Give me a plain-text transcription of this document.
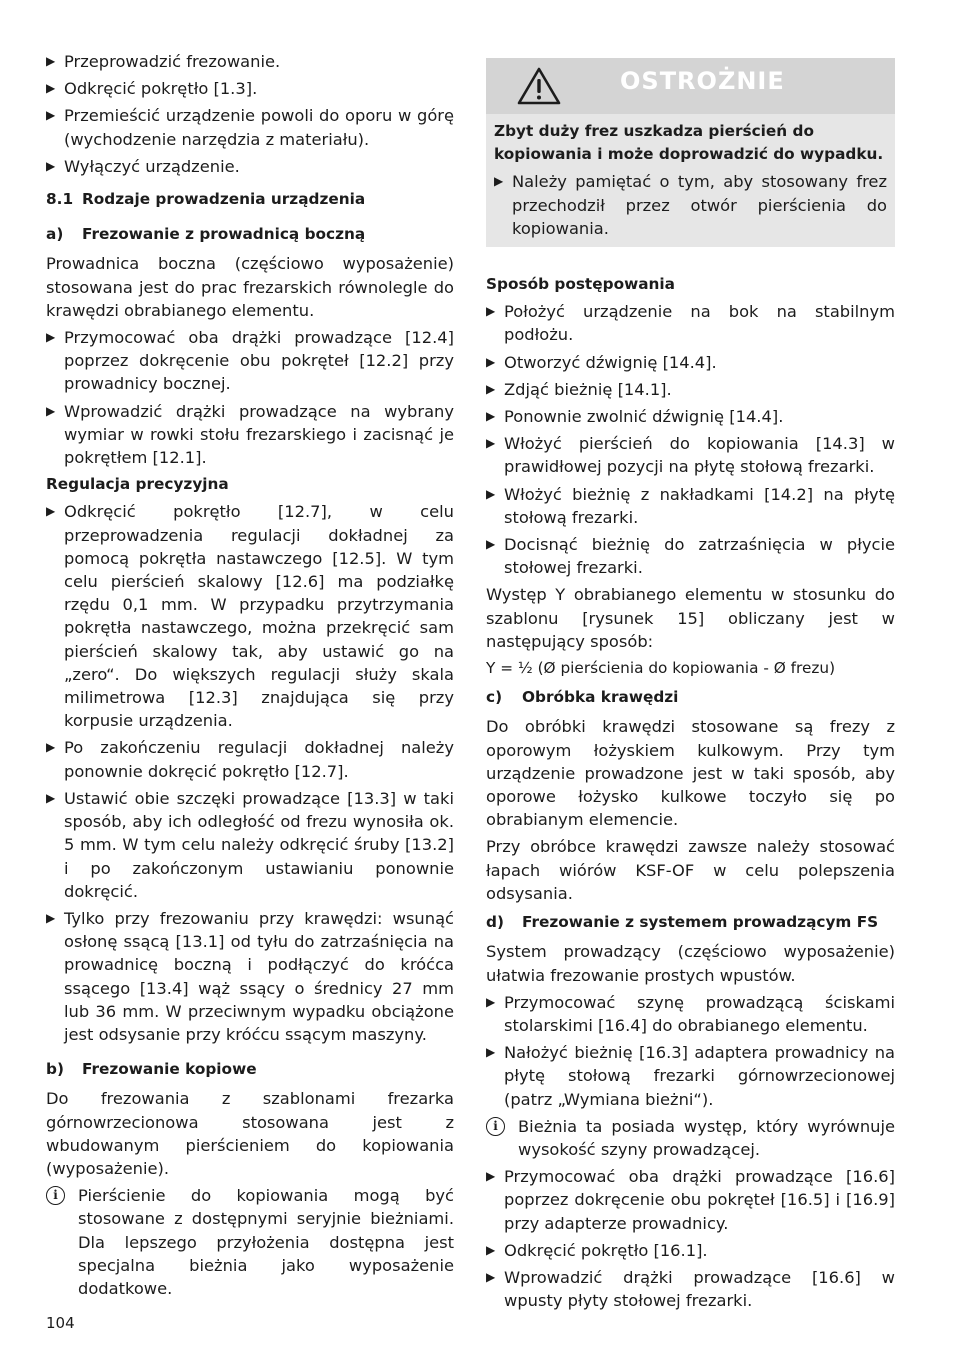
▶ Przeprowadzić frezowanie.
▶ Odkręcić pokrętło [1.3].
▶ Przemieścić urządzenie powoli do oporu w górę (wychodzenie narzędzia z materiału).
▶ Wyłączyć urządzenie.
8.1 Rodzaje prowadzenia urządzenia
a) Frezowanie z prowadnicą boczną

Prowadnica boczna (częściowo wyposażenie) stosowana jest do prac frezarskich równolegle do krawędzi obrabianego elementu.

▶ Przymocować oba drążki prowadzące [12.4] poprzez dokręcenie obu pokręteł [12.2] przy prowadnicy bocznej.
▶ Wprowadzić drążki prowadzące na wybrany wymiar w rowki stołu frezarskiego i zacisnąć je pokrętłem [12.1].
Regulacja precyzyjna
▶ Odkręcić pokrętło [12.7], w celu przeprowadzenia regulacji dokładnej za pomocą pokrętła nastawczego [12.5]. W tym celu pierścień skalowy [12.6] ma podziałkę rzędu 0,1 mm. W przypadku przytrzymania pokrętła nastawczego, można przekręcić sam pierścień skalowy tak, aby ustawić go na „zero“. Do większych regulacji służy skala milimetrowa [12.3] znajdująca się przy korpusie urządzenia.
▶ Po zakończeniu regulacji dokładnej należy ponownie dokręcić pokrętło [12.7].
▶ Ustawić obie szczęki prowadzące [13.3] w taki sposób, aby ich odległość od frezu wynosiła ok. 5 mm. W tym celu należy odkręcić śruby [13.2] i po zakończonym ustawianiu ponownie dokręcić.
▶ Tylko przy frezowaniu przy krawędzi: wsunąć osłonę ssącą [13.1] od tyłu do zatrzaśnięcia na prowadnicę boczną i podłączyć do króćca ssącego [13.4] wąż ssący o średnicy 27 mm lub 36 mm. W przeciwnym wypadku obciążone jest odsysanie przy króćcu ssącym maszyny.
b) Frezowanie kopiowe

Do frezowania z szablonami frezarka górnowrzecionowa stosowana jest z wbudowanym pierścieniem do kopiowania (wyposażenie).

i	Pierścienie do kopiowania mogą być stosowane z dostępnymi seryjnie bieżniami. Dla lepszego przyłożenia dostępna jest specjalna bieżnia jako wyposażenie dodatkowe.
OSTROŻNIE
Zbyt duży frez uszkadza pierścień do kopiowania i może doprowadzić do wypadku.
▶ Należy pamiętać o tym, aby stosowany frez przechodził przez otwór pierścienia do kopiowania.
Sposób postępowania
▶ Położyć urządzenie na bok na stabilnym podłożu.
▶ Otworzyć dźwignię [14.4].
▶ Zdjąć bieżnię [14.1].
▶ Ponownie zwolnić dźwignię [14.4].
▶ Włożyć pierścień do kopiowania [14.3] w prawidłowej pozycji na płytę stołową frezarki.
▶ Włożyć bieżnię z nakładkami [14.2] na płytę stołową frezarki.
▶ Docisnąć bieżnię do zatrzaśnięcia w płycie stołowej frezarki.

Występ Y obrabianego elementu w stosunku do szablonu [rysunek 15] obliczany jest w następujący sposób:

Y = ½ (Ø pierścienia do kopiowania - Ø frezu)
c) Obróbka krawędzi

Do obróbki krawędzi stosowane są frezy z oporowym łożyskiem kulkowym. Przy tym urządzenie prowadzone jest w taki sposób, aby oporowe łożysko kulkowe toczyło się po obrabianym elemencie.

Przy obróbce krawędzi zawsze należy stosować łapach wiórów KSF-OF w celu polepszenia odsysania.

d) Frezowanie z systemem prowadzącym FS

System prowadzący (częściowo wyposażenie) ułatwia frezowanie prostych wpustów.

▶ Przymocować szynę prowadzącą ściskami stolarskimi [16.4] do obrabianego elementu.
▶ Nałożyć bieżnię [16.3] adaptera prowadnicy na płytę stołową frezarki górnowrzecionowej (patrz „Wymiana bieżni“).
i	Bieżnia ta posiada występ, który wyrównuje wysokość szyny prowadzącej.
▶ Przymocować oba drążki prowadzące [16.6] poprzez dokręcenie obu pokręteł [16.5] i [16.9] przy adapterze prowadnicy.
▶ Odkręcić pokrętło [16.1].
▶ Wprowadzić drążki prowadzące [16.6] w wpusty płyty stołowej frezarki.
104
